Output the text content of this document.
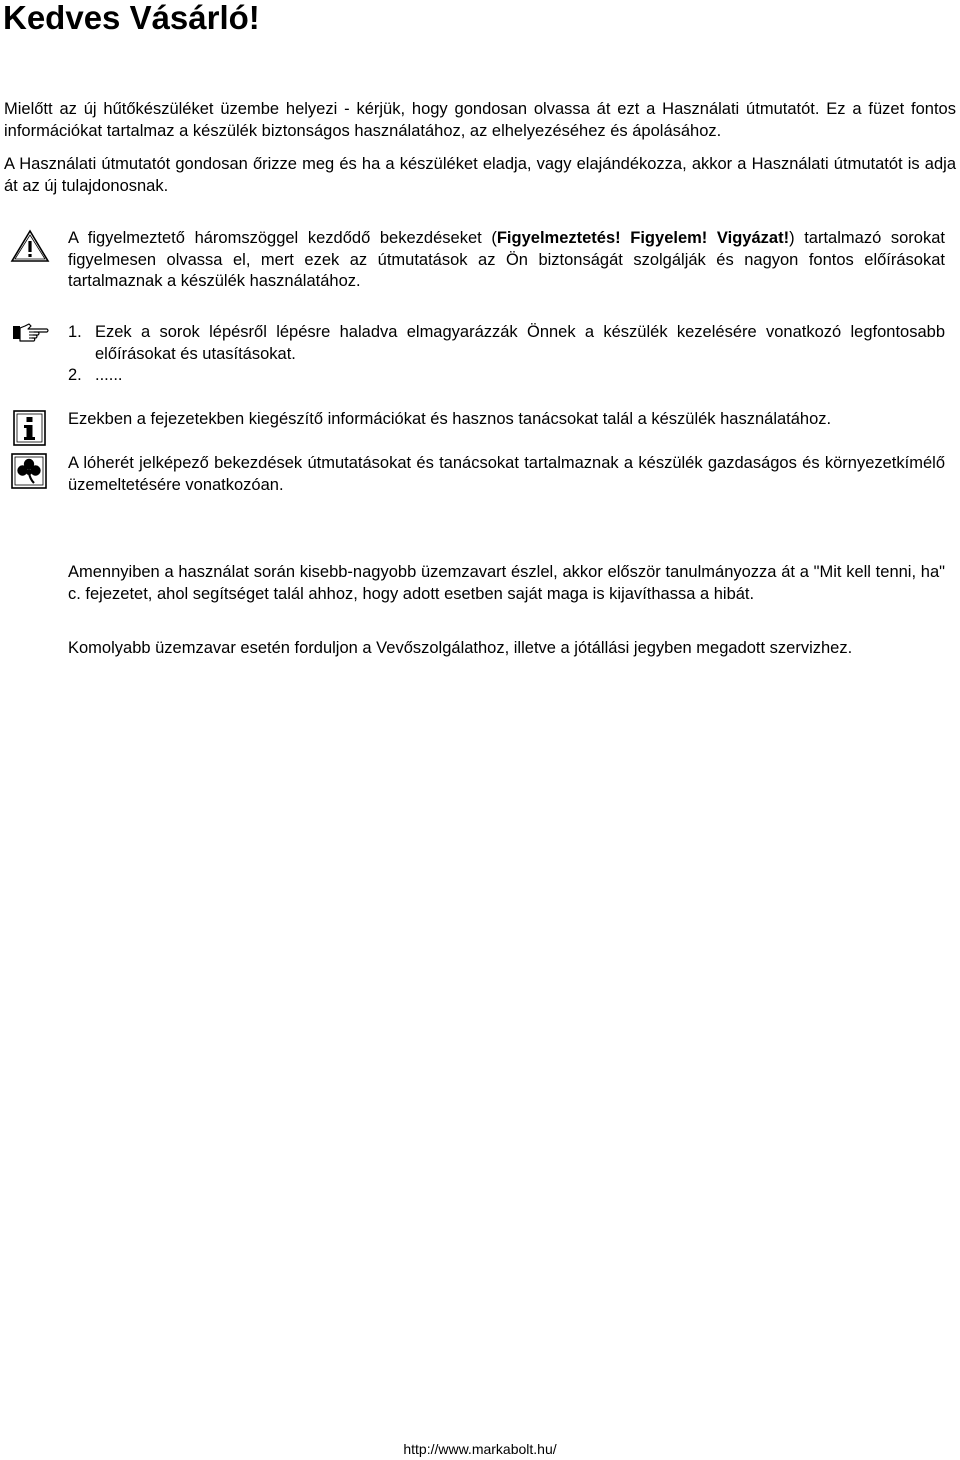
Kedves Vásárló!

Mielőtt az új hűtőkészüléket üzembe helyezi - kérjük, hogy gondosan olvassa át ezt a Használati útmutatót. Ez a füzet fontos információkat tartalmaz a készülék biztonságos használatához, az elhelyezéséhez és ápolásához.

A Használati útmutatót gondosan őrizze meg és ha a készüléket eladja, vagy elajándékozza, akkor a Használati útmutatót is adja át az új tulajdonosnak.

A figyelmeztető háromszöggel kezdődő bekezdéseket (Figyelmeztetés! Figyelem! Vigyázat!) tartalmazó sorokat figyelmesen olvassa el, mert ezek az útmutatások az Ön biztonságát szolgálják és nagyon fontos előírásokat tartalmaznak a készülék használatához.

1. Ezek a sorok lépésről lépésre haladva elmagyarázzák Önnek a készülék kezelésére vonatkozó legfontosabb előírásokat és utasításokat.
2. ......

Ezekben a fejezetekben kiegészítő információkat és hasznos tanácsokat talál a készülék használatához.

A lóherét jelképező bekezdések útmutatásokat és tanácsokat tartalmaznak a készülék gazdaságos és környezetkímélő üzemeltetésére vonatkozóan.

Amennyiben a használat során kisebb-nagyobb üzemzavart észlel, akkor először tanulmányozza át a "Mit kell tenni, ha" c. fejezetet, ahol segítséget talál ahhoz, hogy adott esetben saját maga is kijavíthassa a hibát.

Komolyabb üzemzavar esetén forduljon a Vevőszolgálathoz, illetve a jótállási jegyben megadott szervizhez.

http://www.markabolt.hu/
